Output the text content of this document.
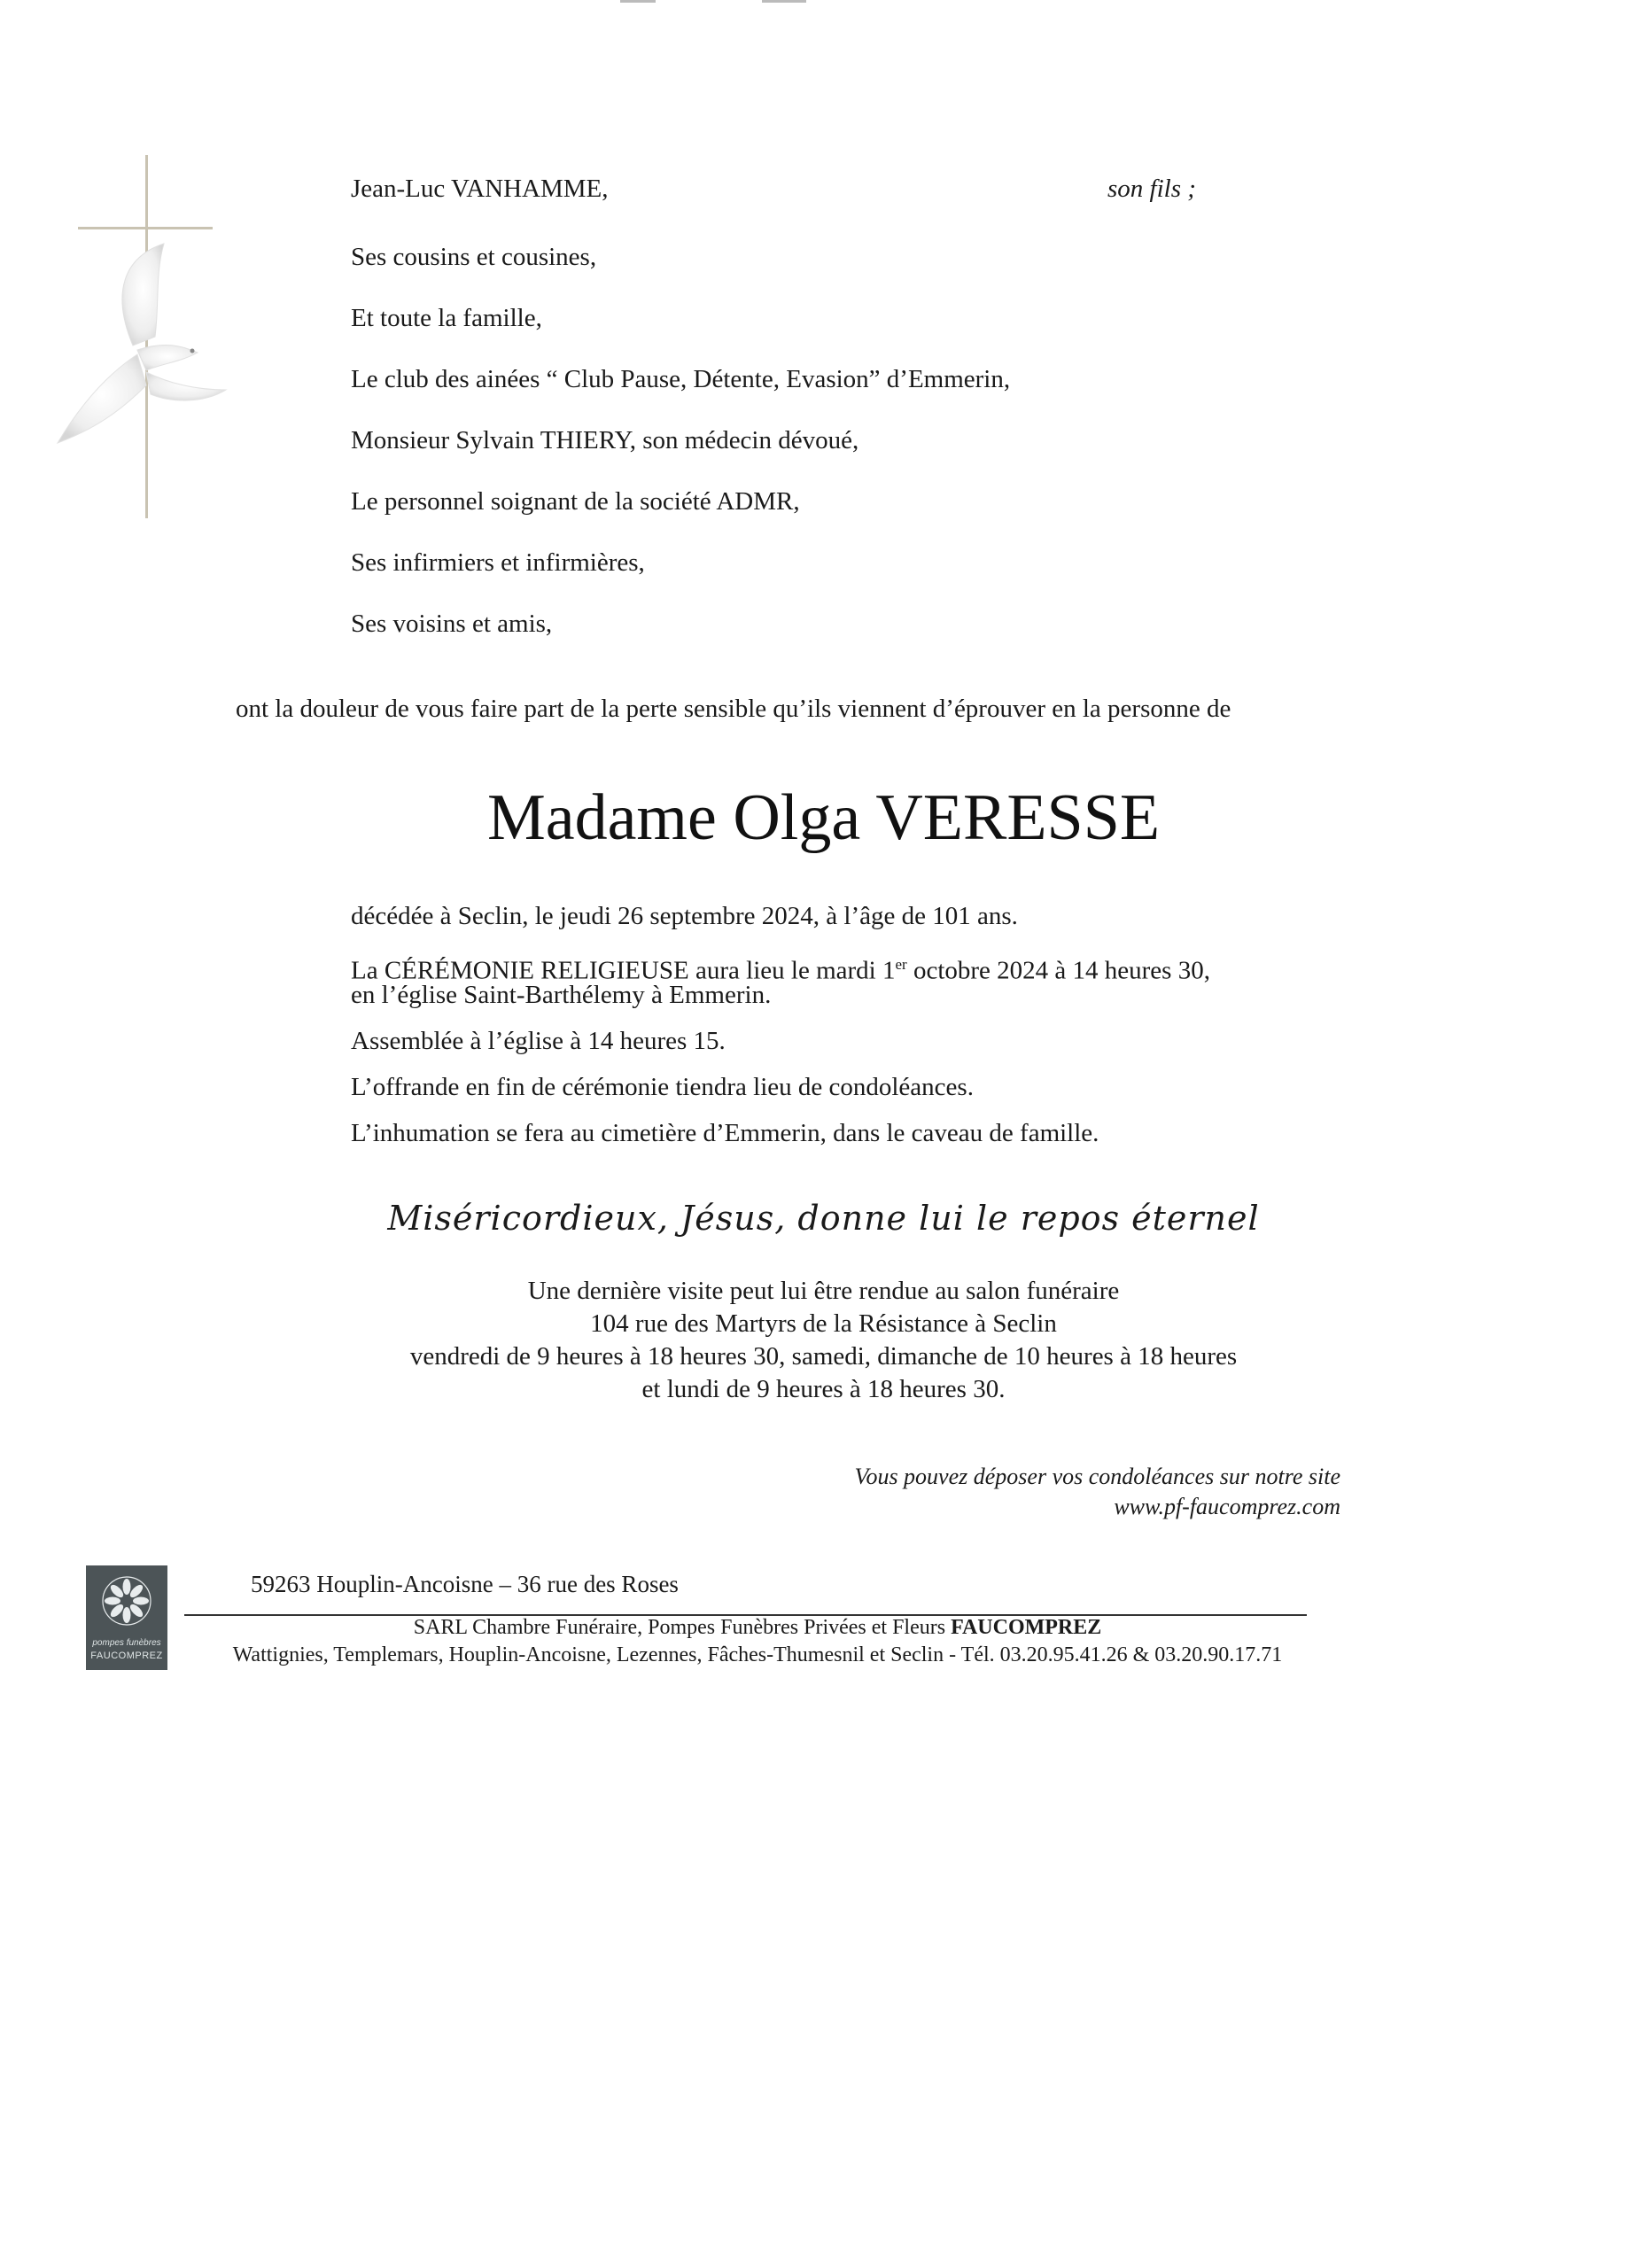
Jean-Luc VANHAMME,	son fils ;
Ses cousins et cousines,
Et toute la famille,
Le club des ainées “ Club Pause, Détente, Evasion” d’Emmerin,
Monsieur Sylvain THIERY, son médecin dévoué,
Le personnel soignant de la société ADMR,
Ses infirmiers et infirmières,
Ses voisins et amis,
ont la douleur de vous faire part de la perte sensible qu’ils viennent d’éprouver en la personne de
Madame Olga VERESSE
décédée à Seclin, le jeudi 26 septembre 2024, à l’âge de 101 ans.
La CÉRÉMONIE RELIGIEUSE aura lieu le mardi 1er octobre 2024 à 14 heures 30,
en l’église Saint-Barthélemy à Emmerin.
Assemblée à l’église à 14 heures 15.
L’offrande en fin de cérémonie tiendra lieu de condoléances.
L’inhumation se fera au cimetière d’Emmerin, dans le caveau de famille.
Miséricordieux, Jésus, donne lui le repos éternel
Une dernière visite peut lui être rendue au salon funéraire
104 rue des Martyrs de la Résistance à Seclin
vendredi de 9 heures à 18 heures 30, samedi, dimanche de 10 heures à 18 heures
et lundi de 9 heures à 18 heures 30.
Vous pouvez déposer vos condoléances sur notre site
www.pf-faucomprez.com
pompes funèbres
FAUCOMPREZ
59263 Houplin-Ancoisne – 36 rue des Roses
SARL Chambre Funéraire, Pompes Funèbres Privées et Fleurs FAUCOMPREZ
Wattignies, Templemars, Houplin-Ancoisne, Lezennes, Fâches-Thumesnil et Seclin - Tél. 03.20.95.41.26 & 03.20.90.17.71
